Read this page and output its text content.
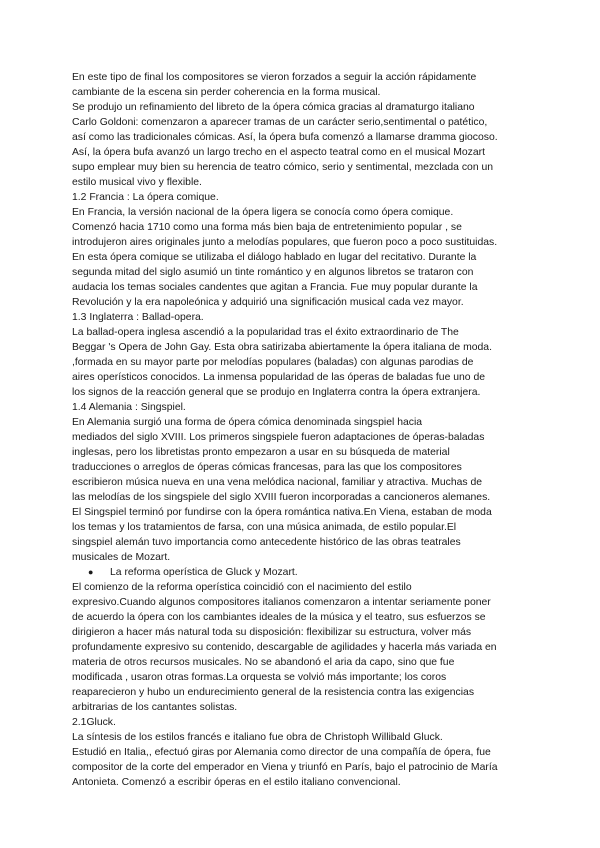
En este tipo de final los compositores se vieron forzados a seguir la acción rápidamente
cambiante de la escena sin perder coherencia en la forma musical.
Se produjo un refinamiento del libreto de la ópera cómica gracias al dramaturgo italiano
Carlo Goldoni: comenzaron a aparecer tramas de un carácter serio,sentimental o patético,
así como las tradicionales cómicas. Así, la ópera bufa comenzó a llamarse dramma giocoso.
Así, la ópera bufa avanzó un largo trecho en el aspecto teatral como en el musical Mozart
supo emplear muy bien su herencia de teatro cómico, serio y sentimental, mezclada con un
estilo musical vivo y flexible.
1.2 Francia : La ópera comique.
En Francia, la versión nacional de la ópera ligera se conocía como ópera comique.
Comenzó hacia 1710 como una forma más bien baja de entretenimiento popular , se
introdujeron aires originales junto a melodías populares, que fueron poco a poco sustituidas.
En esta ópera comique se utilizaba el diálogo hablado en lugar del recitativo. Durante la
segunda mitad del siglo asumió un tinte romántico y en algunos libretos se trataron con
audacia los temas sociales candentes que agitan a Francia. Fue muy popular durante la
Revolución y la era napoleónica y adquirió una significación musical cada vez mayor.
1.3 Inglaterra : Ballad-opera.
La ballad-opera inglesa ascendió a la popularidad tras el éxito extraordinario de The
Beggar 's Opera de John Gay. Esta obra satirizaba abiertamente la ópera italiana de moda.
,formada en su mayor parte por melodías populares (baladas) con algunas parodias de
aires operísticos conocidos. La inmensa popularidad de las óperas de baladas fue uno de
los signos de la reacción general que se produjo en Inglaterra contra la ópera extranjera.
1.4 Alemania : Singspiel.
En Alemania surgió una forma de ópera cómica denominada singspiel hacia
mediados del siglo XVIII. Los primeros singspiele fueron adaptaciones de óperas-baladas
inglesas, pero los libretistas pronto empezaron a usar en su búsqueda de material
traducciones o arreglos de óperas cómicas francesas, para las que los compositores
escribieron música nueva en una vena melódica nacional, familiar y atractiva. Muchas de
las melodías de los singspiele del siglo XVIII fueron incorporadas a cancioneros alemanes.
El Singspiel terminó por fundirse con la ópera romántica nativa.En Viena, estaban de moda
los temas y los tratamientos de farsa, con una música animada, de estilo popular.El
singspiel alemán tuvo importancia como antecedente histórico de las obras teatrales
musicales de Mozart.
● La reforma operística de Gluck y Mozart.
El comienzo de la reforma operística coincidió con el nacimiento del estilo
expresivo.Cuando algunos compositores italianos comenzaron a intentar seriamente poner
de acuerdo la ópera con los cambiantes ideales de la música y el teatro, sus esfuerzos se
dirigieron a hacer más natural toda su disposición: flexibilizar su estructura, volver más
profundamente expresivo su contenido, descargable de agilidades y hacerla más variada en
materia de otros recursos musicales. No se abandonó el aria da capo, sino que fue
modificada , usaron otras formas.La orquesta se volvió más importante; los coros
reaparecieron y hubo un endurecimiento general de la resistencia contra las exigencias
arbitrarias de los cantantes solistas.
2.1Gluck.
La síntesis de los estilos francés e italiano fue obra de Christoph Willibald Gluck.
Estudió en Italia,, efectuó giras por Alemania como director de una compañía de ópera, fue
compositor de la corte del emperador en Viena y triunfó en París, bajo el patrocinio de María
Antonieta. Comenzó a escribir óperas en el estilo italiano convencional.
